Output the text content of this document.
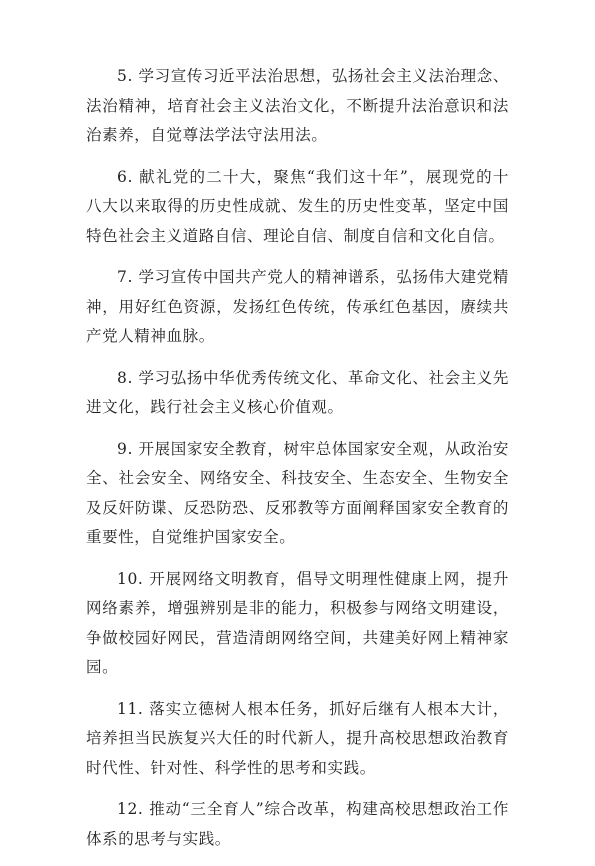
5. 学习宣传习近平法治思想，弘扬社会主义法治理念、法治精神，培育社会主义法治文化，不断提升法治意识和法治素养，自觉尊法学法守法用法。

6. 献礼党的二十大，聚焦“我们这十年”，展现党的十八大以来取得的历史性成就、发生的历史性变革，坚定中国特色社会主义道路自信、理论自信、制度自信和文化自信。

7. 学习宣传中国共产党人的精神谱系，弘扬伟大建党精神，用好红色资源，发扬红色传统，传承红色基因，赓续共产党人精神血脉。

8. 学习弘扬中华优秀传统文化、革命文化、社会主义先进文化，践行社会主义核心价值观。

9. 开展国家安全教育，树牢总体国家安全观，从政治安全、社会安全、网络安全、科技安全、生态安全、生物安全及反奸防谍、反恐防恐、反邪教等方面阐释国家安全教育的重要性，自觉维护国家安全。

10. 开展网络文明教育，倡导文明理性健康上网，提升网络素养，增强辨别是非的能力，积极参与网络文明建设，争做校园好网民，营造清朗网络空间，共建美好网上精神家园。

11. 落实立德树人根本任务，抓好后继有人根本大计，培养担当民族复兴大任的时代新人，提升高校思想政治教育时代性、针对性、科学性的思考和实践。

12. 推动“三全育人”综合改革，构建高校思想政治工作体系的思考与实践。
